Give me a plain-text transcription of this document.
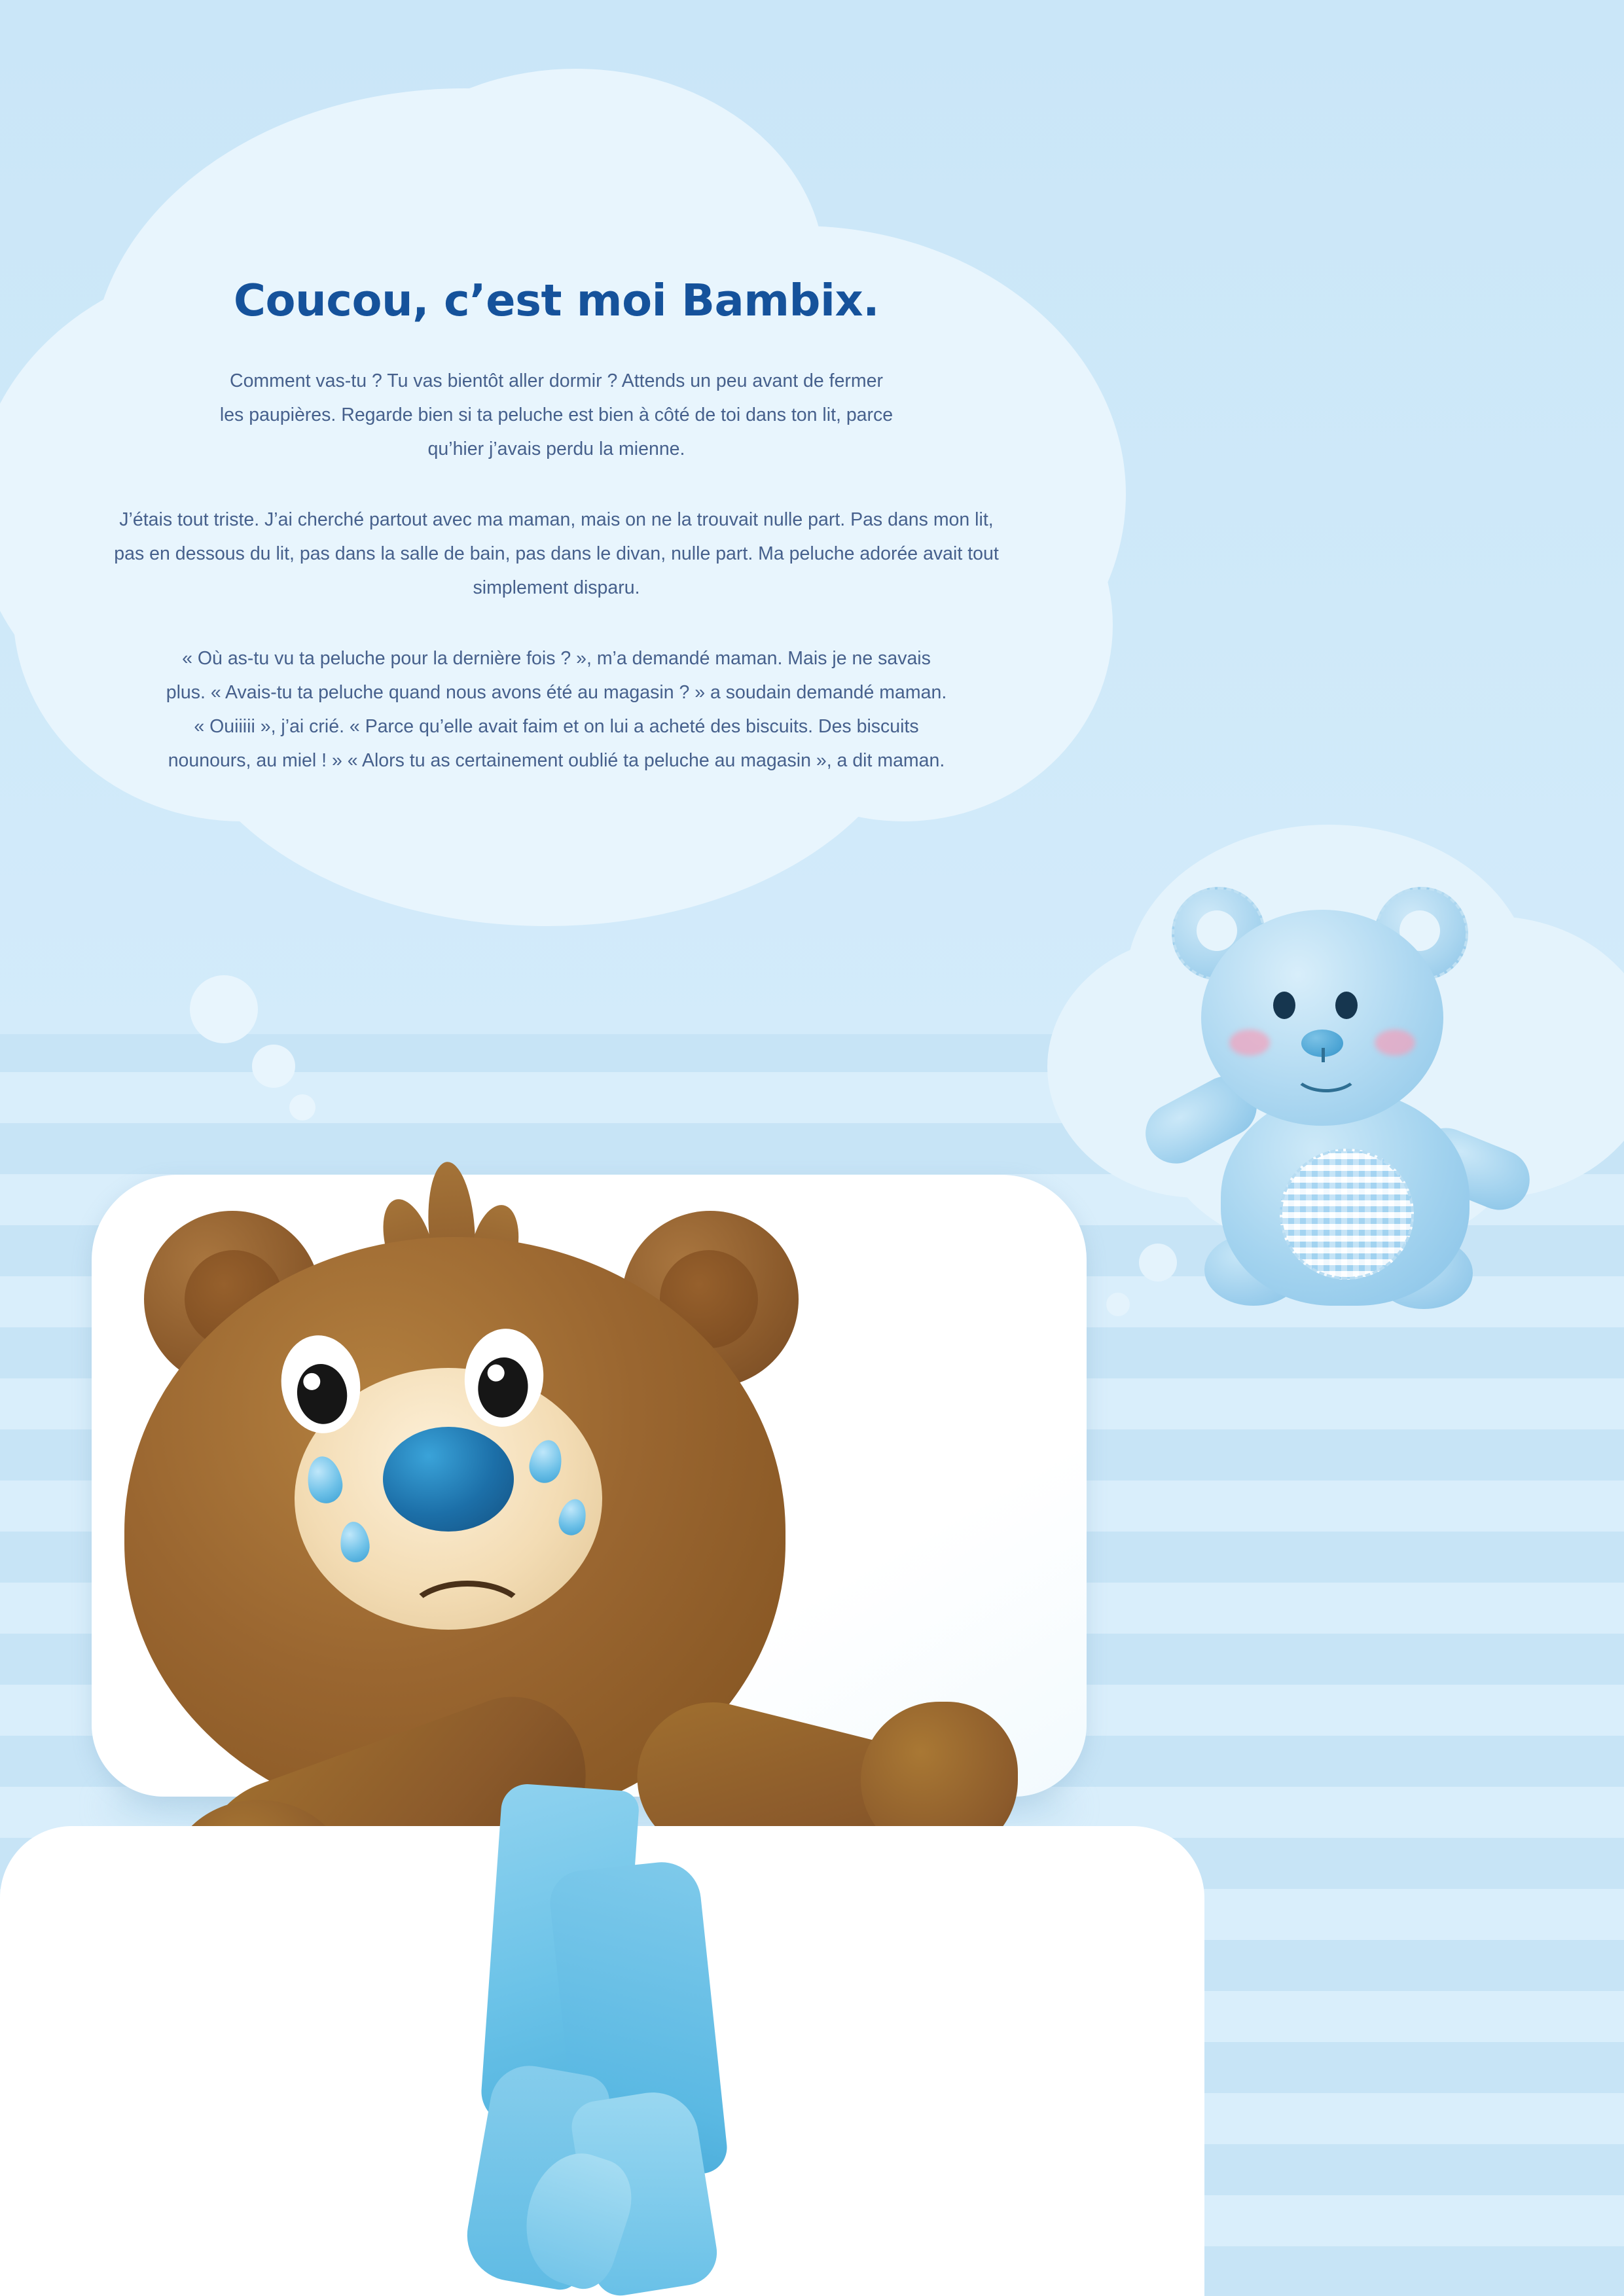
Coucou, c’est moi Bambix.

Comment vas-tu ? Tu vas bientôt aller dormir ? Attends un peu avant de fermer les paupières. Regarde bien si ta peluche est bien à côté de toi dans ton lit, parce qu’hier j’avais perdu la mienne.

J’étais tout triste. J’ai cherché partout avec ma maman, mais on ne la trouvait nulle part. Pas dans mon lit, pas en dessous du lit, pas dans la salle de bain, pas dans le divan, nulle part. Ma peluche adorée avait tout simplement disparu.

« Où as-tu vu ta peluche pour la dernière fois ? », m’a demandé maman. Mais je ne savais plus. « Avais-tu ta peluche quand nous avons été au magasin ? » a soudain demandé maman. « Ouiiiii », j’ai crié. « Parce qu’elle avait faim et on lui a acheté des biscuits. Des biscuits nounours, au miel ! » « Alors tu as certainement oublié ta peluche au magasin », a dit maman.
